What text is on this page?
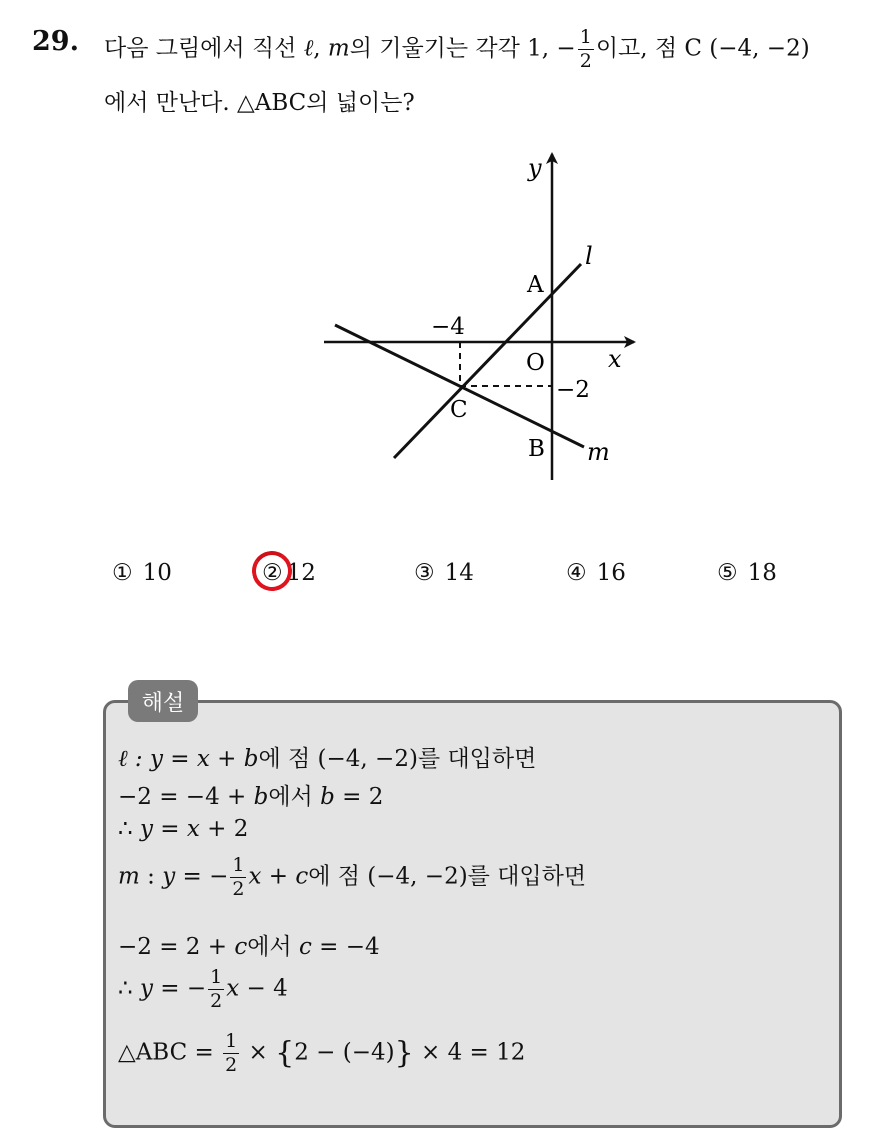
29. 다음 그림에서 직선 ℓ, m의 기울기는 각각 1, − $\frac{1}{2}$ 이고, 점 C (−4, −2)
에서 만난다. △ABC의 넓이는?
y
x
l
m
A
B
C
O
−4
−2
① 10	② 12	③ 14	④ 16	⑤ 18
해설
ℓ : y = x + b에 점 (−4, −2)를 대입하면
−2 = −4 + b에서 b = 2
∴ y = x + 2
m : y = − $\frac{1}{2}$ x + c에 점 (−4, −2)를 대입하면
−2 = 2 + c에서 c = −4
∴ y = − $\frac{1}{2}$ x − 4
△ABC = $\frac{1}{2} \times \{2 - (-4)\} \times 4 = 12$
